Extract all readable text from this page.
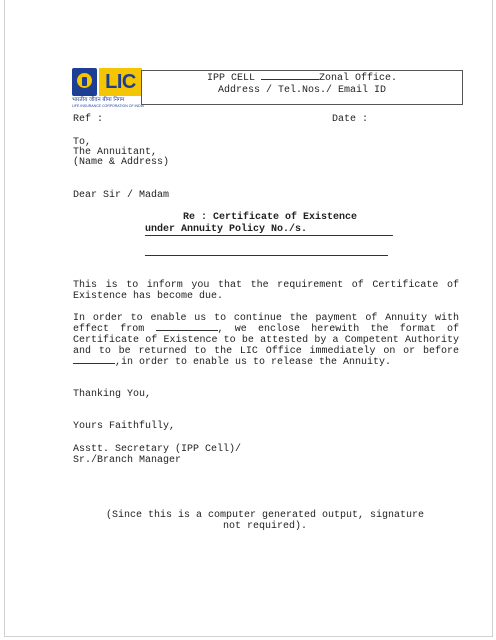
LIC
भारतीय जीवन बीमा निगम
LIFE INSURANCE CORPORATION OF INDIA
IPP CELL	Zonal Office.
Address / Tel.Nos./ Email ID
Ref :	Date :
To,
The Annuitant,
(Name & Address)
Dear Sir / Madam
Re : Certificate of Existence
under Annuity Policy No./s.
This is to inform you that the requirement of Certificate of Existence has become due.
In order to enable us to continue the payment of Annuity with effect from	, we enclose herewith the format of Certificate of Existence to be attested by a Competent Authority and to be returned to the LIC Office immediately on or before ,in order to enable us to release the Annuity.
Thanking You,
Yours Faithfully,
Asstt. Secretary (IPP Cell)/
Sr./Branch Manager
(Since this is a computer generated output, signature not required).
